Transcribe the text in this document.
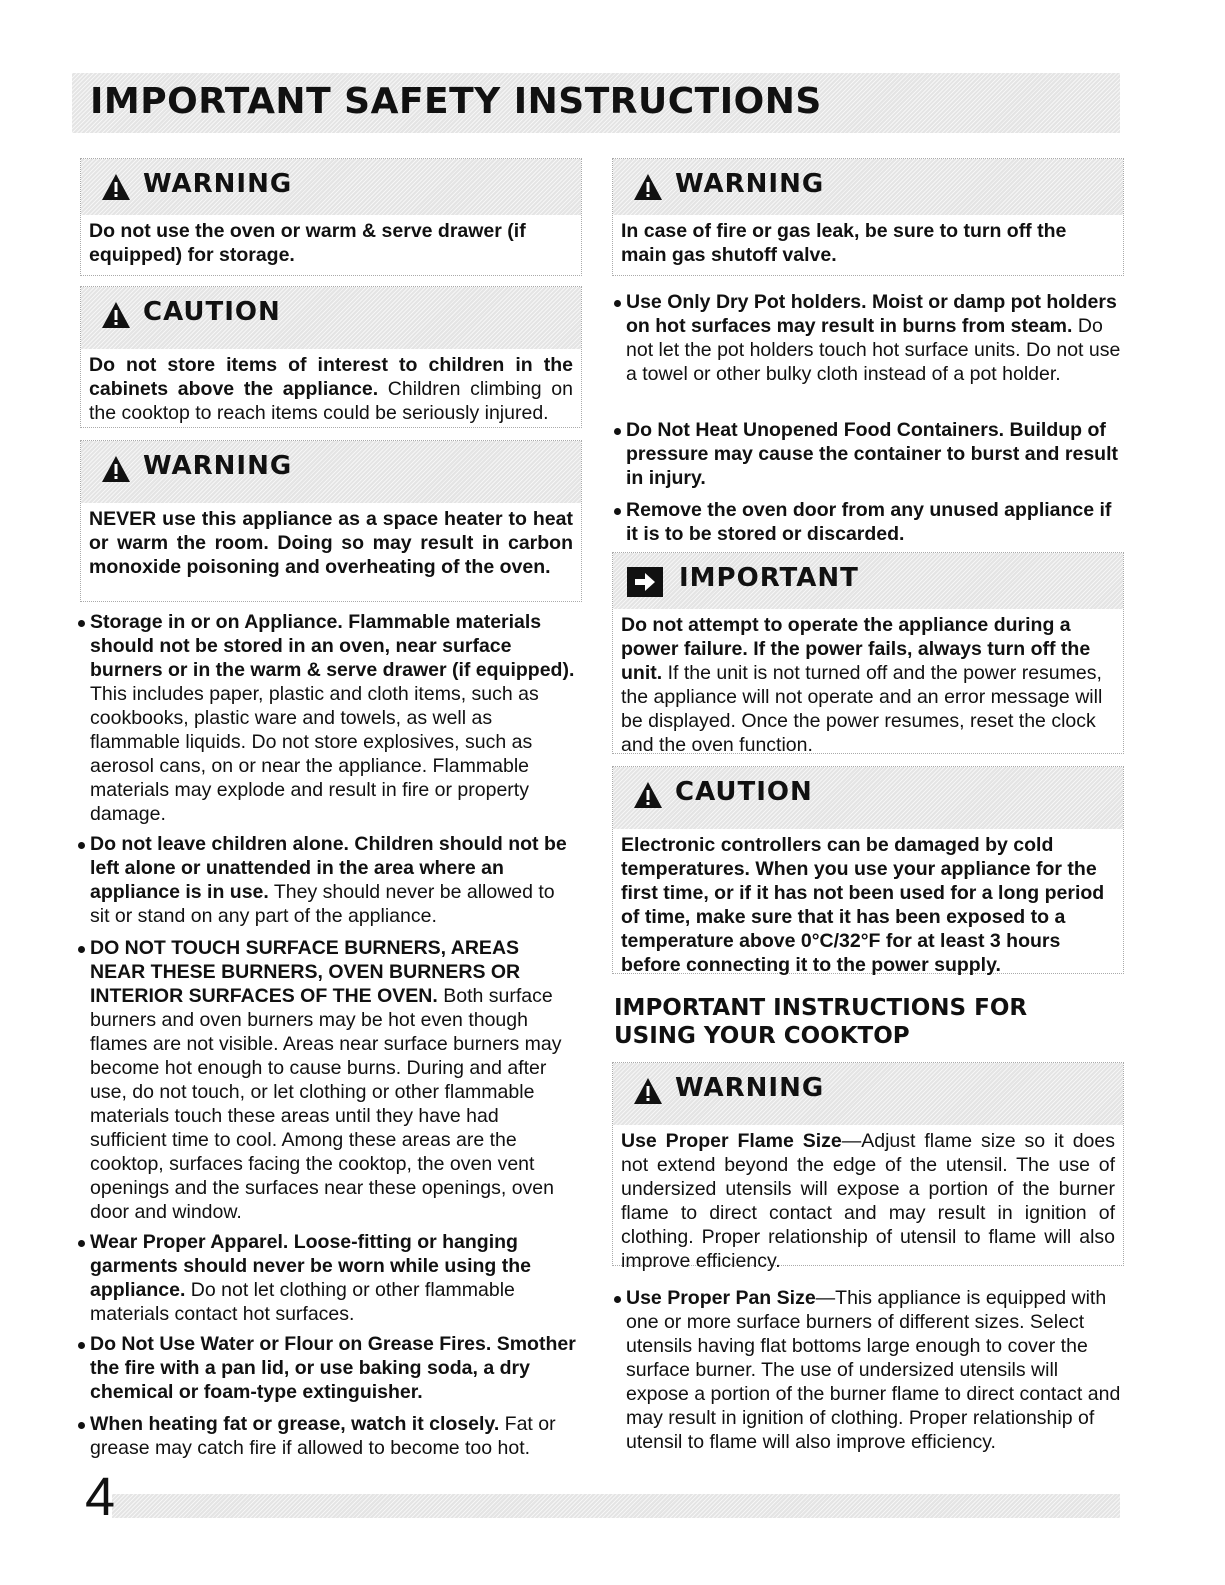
IMPORTANT SAFETY INSTRUCTIONS
WARNING
Do not use the oven or warm & serve drawer (if equipped) for storage.
CAUTION
Do not store items of interest to children in the cabinets above the appliance. Children climbing on the cooktop to reach items could be seriously injured.
WARNING
NEVER use this appliance as a space heater to heat or warm the room. Doing so may result in carbon monoxide poisoning and overheating of the oven.
Storage in or on Appliance. Flammable materials should not be stored in an oven, near surface burners or in the warm & serve drawer (if equipped). This includes paper, plastic and cloth items, such as cookbooks, plastic ware and towels, as well as flammable liquids. Do not store explosives, such as aerosol cans, on or near the appliance. Flammable materials may explode and result in fire or property damage.
Do not leave children alone. Children should not be left alone or unattended in the area where an appliance is in use. They should never be allowed to sit or stand on any part of the appliance.
DO NOT TOUCH SURFACE BURNERS, AREAS NEAR THESE BURNERS, OVEN BURNERS OR INTERIOR SURFACES OF THE OVEN. Both surface burners and oven burners may be hot even though flames are not visible. Areas near surface burners may become hot enough to cause burns. During and after use, do not touch, or let clothing or other flammable materials touch these areas until they have had sufficient time to cool. Among these areas are the cooktop, surfaces facing the cooktop, the oven vent openings and the surfaces near these openings, oven door and window.
Wear Proper Apparel. Loose-fitting or hanging garments should never be worn while using the appliance. Do not let clothing or other flammable materials contact hot surfaces.
Do Not Use Water or Flour on Grease Fires. Smother the fire with a pan lid, or use baking soda, a dry chemical or foam-type extinguisher.
When heating fat or grease, watch it closely. Fat or grease may catch fire if allowed to become too hot.
WARNING
In case of fire or gas leak, be sure to turn off the main gas shutoff valve.
Use Only Dry Pot holders. Moist or damp pot holders on hot surfaces may result in burns from steam. Do not let the pot holders touch hot surface units. Do not use a towel or other bulky cloth instead of a pot holder.
Do Not Heat Unopened Food Containers. Buildup of pressure may cause the container to burst and result in injury.
Remove the oven door from any unused appliance if it is to be stored or discarded.
IMPORTANT
Do not attempt to operate the appliance during a power failure. If the power fails, always turn off the unit. If the unit is not turned off and the power resumes, the appliance will not operate and an error message will be displayed. Once the power resumes, reset the clock and the oven function.
CAUTION
Electronic controllers can be damaged by cold temperatures. When you use your appliance for the first time, or if it has not been used for a long period of time, make sure that it has been exposed to a temperature above 0°C/32°F for at least 3 hours before connecting it to the power supply.
IMPORTANT INSTRUCTIONS FOR USING YOUR COOKTOP
WARNING
Use Proper Flame Size—Adjust flame size so it does not extend beyond the edge of the utensil. The use of undersized utensils will expose a portion of the burner flame to direct contact and may result in ignition of clothing. Proper relationship of utensil to flame will also improve efficiency.
Use Proper Pan Size—This appliance is equipped with one or more surface burners of different sizes. Select utensils having flat bottoms large enough to cover the surface burner. The use of undersized utensils will expose a portion of the burner flame to direct contact and may result in ignition of clothing. Proper relationship of utensil to flame will also improve efficiency.
4
